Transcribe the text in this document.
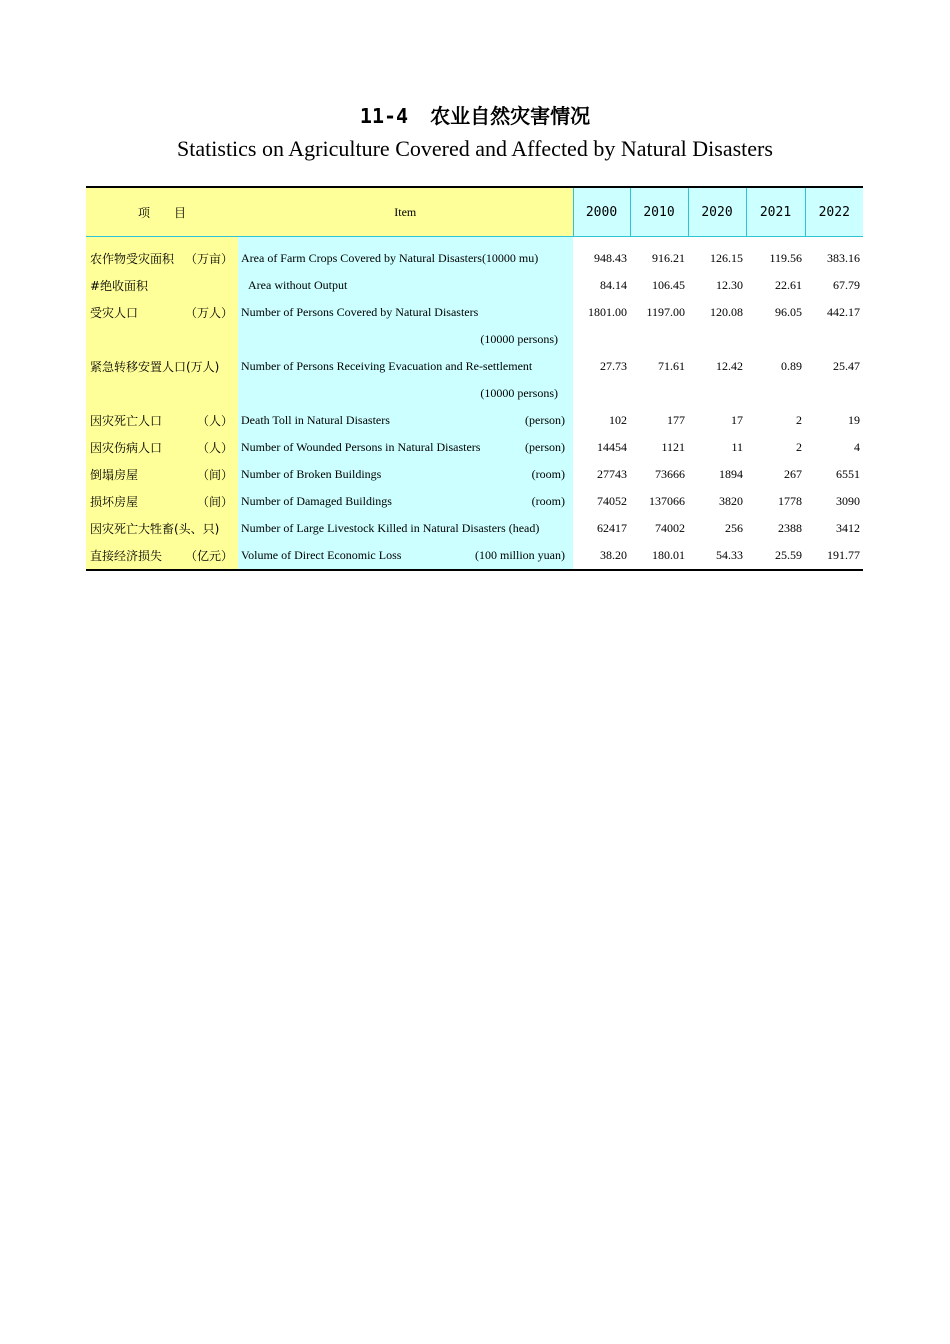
11-4 农业自然灾害情况
Statistics on Agriculture Covered and Affected by Natural Disasters
项　　目	Item	2000	2010	2020	2021	2022

农作物受灾面积 （万亩）	Area of Farm Crops Covered by Natural Disasters(10000 mu)	948.43	916.21	126.15	119.56	383.16
#绝收面积	Area without Output	84.14	106.45	12.30	22.61	67.79
受灾人口 （万人）	Number of Persons Covered by Natural Disasters	1801.00	1197.00	120.08	96.05	442.17

	(10000 persons)

紧急转移安置人口(万人)	Number of Persons Receiving Evacuation and Re-settlement	27.73	71.61	12.42	0.89	25.47

	(10000 persons)

因灾死亡人口 （人）	Death Toll in Natural Disasters (person)	102	177	17	2	19
因灾伤病人口 （人）	Number of Wounded Persons in Natural Disasters (person)	14454	1121	11	2	4
倒塌房屋 （间）	Number of Broken Buildings (room)	27743	73666	1894	267	6551
损坏房屋 （间）	Number of Damaged Buildings (room)	74052	137066	3820	1778	3090
因灾死亡大牲畜(头、只)	Number of Large Livestock Killed in Natural Disasters (head)	62417	74002	256	2388	3412
直接经济损失 （亿元）	Volume of Direct Economic Loss (100 million yuan)	38.20	180.01	54.33	25.59	191.77
